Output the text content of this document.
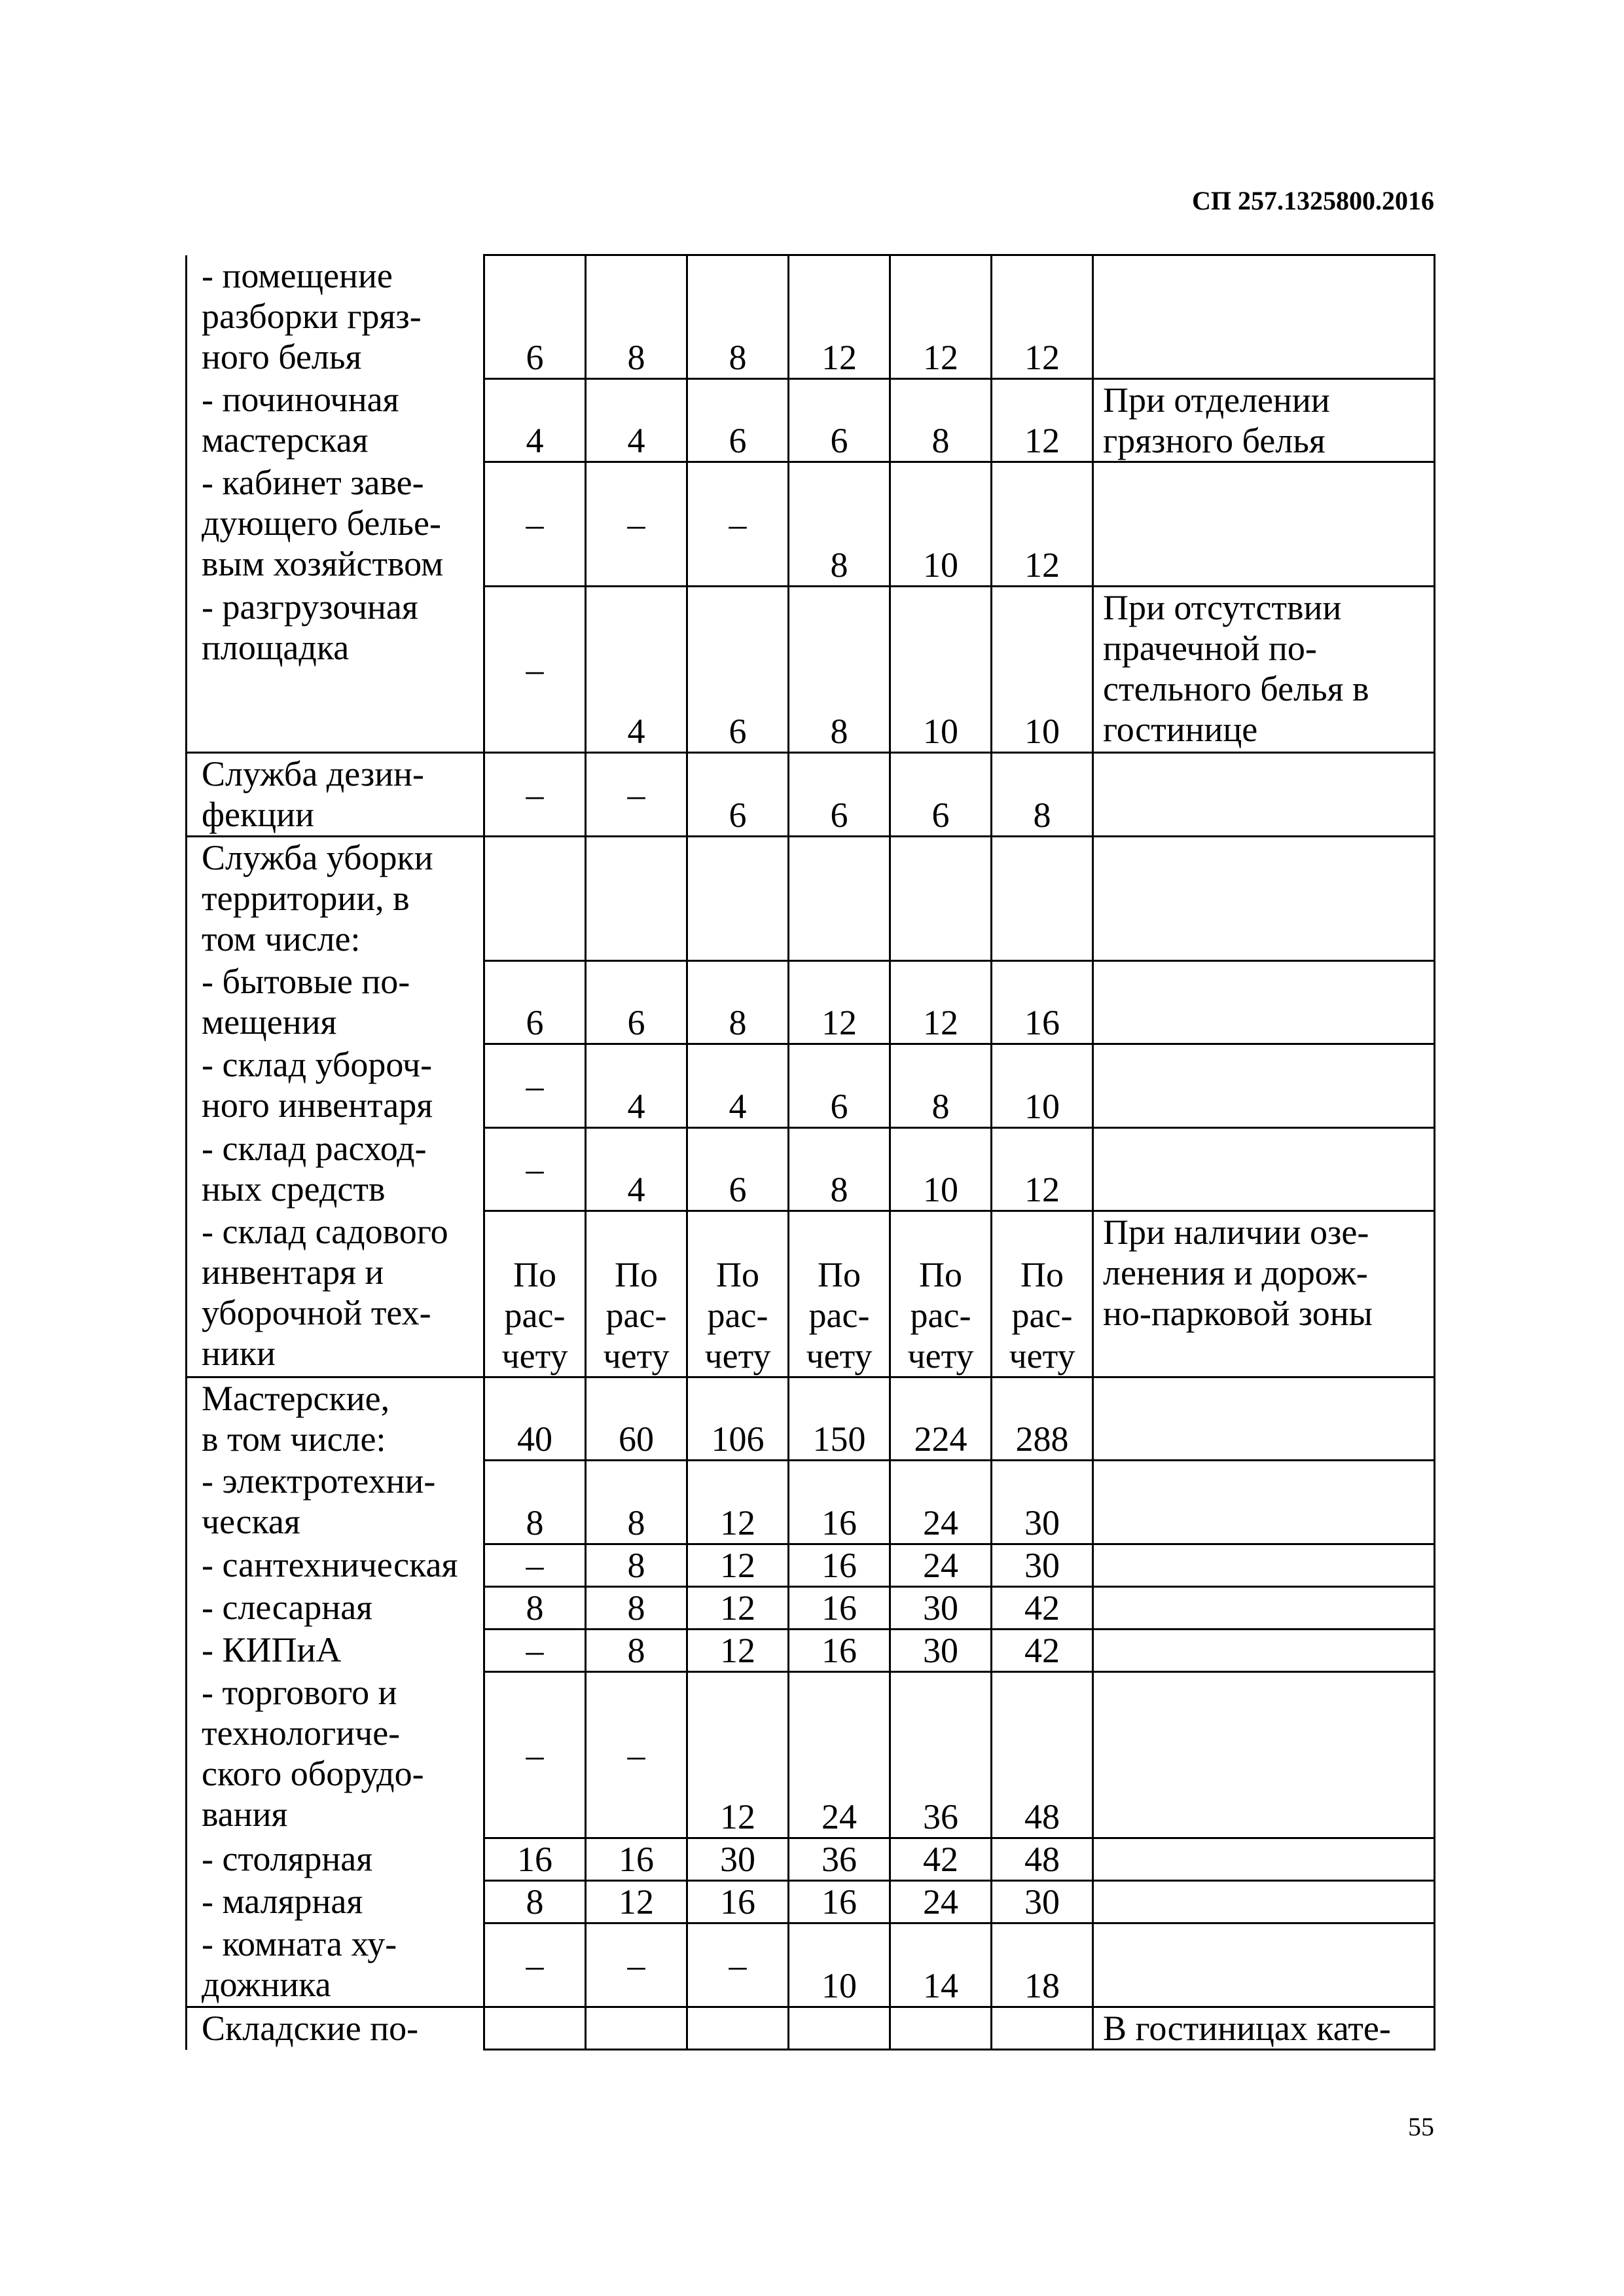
СП 257.1325800.2016
- помещение
разборки гряз-
ного белья	6	8	8	12	12	12	
- починочная
мастерская	4	4	6	6	8	12	При отделении
грязного белья
- кабинет заве-
дующего белье-
вым хозяйством	–	–	–	8	10	12	
- разгрузочная
площадка	–	4	6	8	10	10	При отсутствии
прачечной по-
стельного белья в
гостинице
Служба дезин-
фекции	–	–	6	6	6	8	
Служба уборки
территории, в
том числе:							
- бытовые по-
мещения	6	6	8	12	12	16	
- склад убороч-
ного инвентаря	–	4	4	6	8	10	
- склад расход-
ных средств	–	4	6	8	10	12	
- склад садового
инвентаря и
уборочной тех-
ники	По
рас-
чету	По
рас-
чету	По
рас-
чету	По
рас-
чету	По
рас-
чету	По
рас-
чету	При наличии озе-
ленения и дорож-
но-парковой зоны
Мастерские,
в том числе:	40	60	106	150	224	288	
- электротехни-
ческая	8	8	12	16	24	30	
- сантехническая	–	8	12	16	24	30	
- слесарная	8	8	12	16	30	42	
- КИПиА	–	8	12	16	30	42	
- торгового и
технологиче-
ского оборудо-
вания	–	–	12	24	36	48	
- столярная	16	16	30	36	42	48	
- малярная	8	12	16	16	24	30	
- комната ху-
дожника	–	–	–	10	14	18	
Складские по-							В гостиницах кате-
55
